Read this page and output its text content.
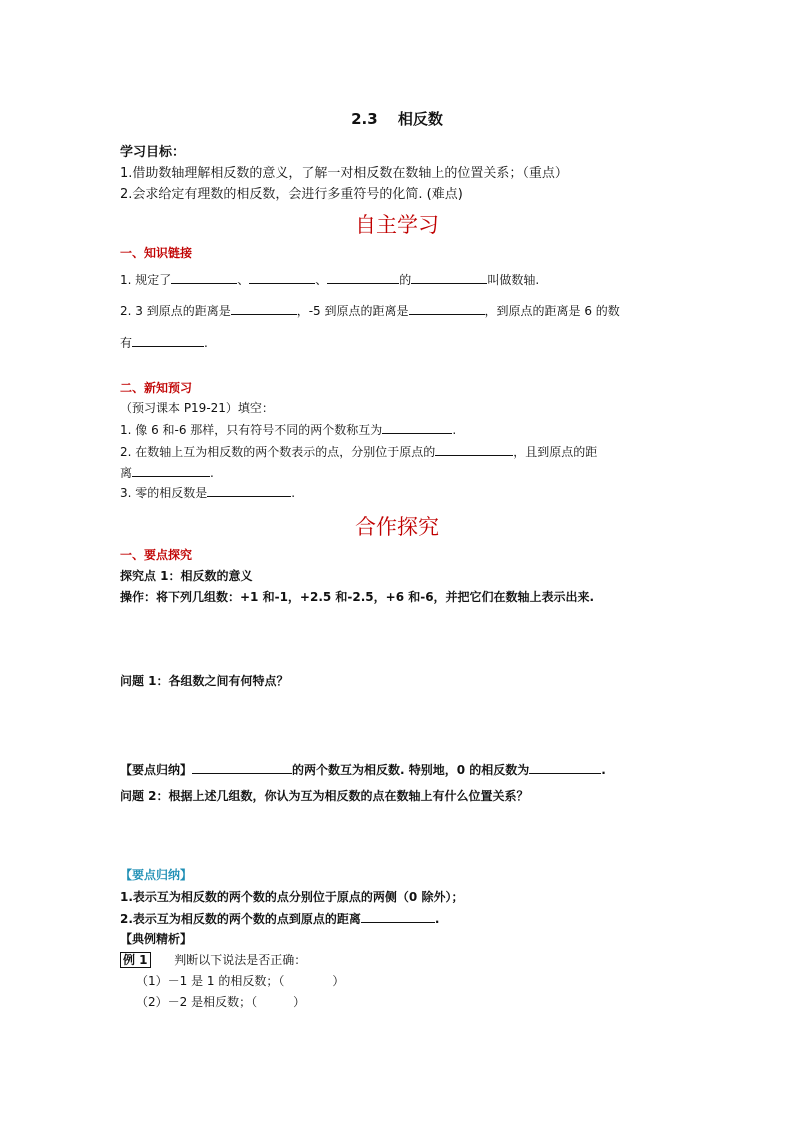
2.3　 相反数
学习目标：
1.借助数轴理解相反数的意义，了解一对相反数在数轴上的位置关系；（重点）
2.会求给定有理数的相反数，会进行多重符号的化简. (难点)
自主学习
一、知识链接
1. 规定了	、	、	的	叫做数轴.
2. 3 到原点的距离是	，-5 到原点的距离是	，到原点的距离是 6 的数
有	.
二、新知预习
（预习课本 P19-21）填空：
1. 像 6 和-6 那样，只有符号不同的两个数称互为	.
2. 在数轴上互为相反数的两个数表示的点，分别位于原点的	，且到原点的距
离	.
3. 零的相反数是	.
合作探究
一、要点探究
探究点 1：相反数的意义
操作：将下列几组数：+1 和-1，+2.5 和-2.5，+6 和-6，并把它们在数轴上表示出来.
问题 1：各组数之间有何特点？
【要点归纳】	的两个数互为相反数. 特别地，0 的相反数为	.
问题 2：根据上述几组数，你认为互为相反数的点在数轴上有什么位置关系？
【要点归纳】
1.表示互为相反数的两个数的点分别位于原点的两侧（0 除外）；
2.表示互为相反数的两个数的点到原点的距离	.
【典例精析】
例 1 判断以下说法是否正确：
（1）－1 是 1 的相反数；（　　　　）
（2）－2 是相反数；（　　　）
